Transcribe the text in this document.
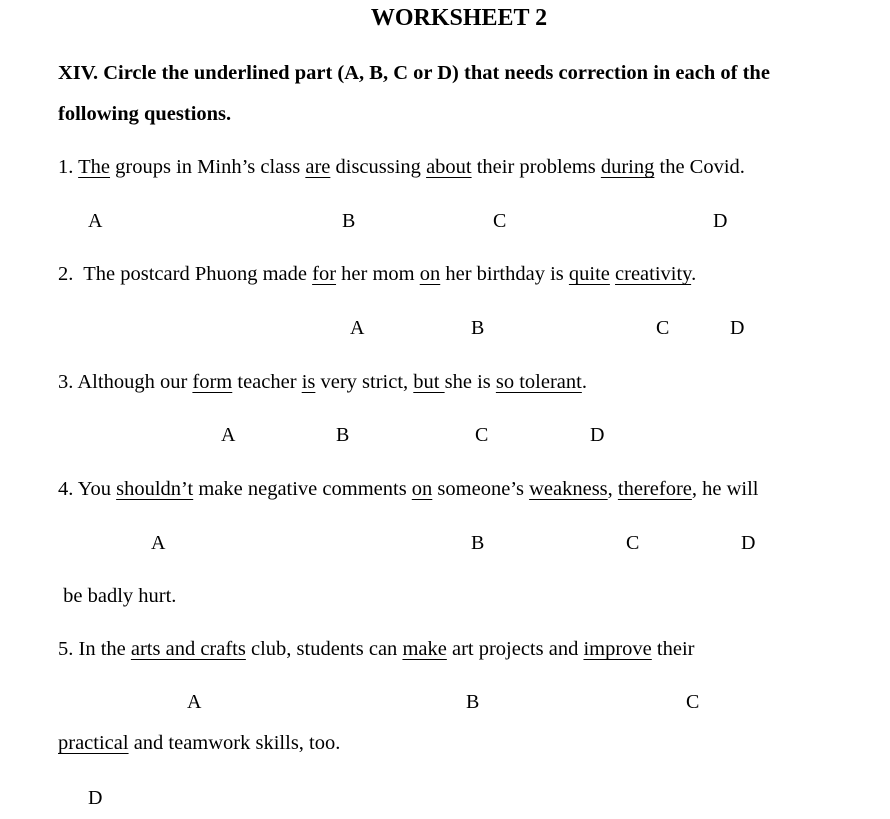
WORKSHEET 2
XIV. Circle the underlined part (A, B, C or D) that needs correction in each of the
following questions.
1. The groups in Minh’s class are discussing about their problems during the Covid.
A	B	C	D
2.  The postcard Phuong made for her mom on her birthday is quite creativity.
A	B	C	D
3. Although our form teacher is very strict, but she is so tolerant.
A	B	C	D
4. You shouldn’t make negative comments on someone’s weakness, therefore, he will
A	B	C	D
be badly hurt.
5. In the arts and crafts club, students can make art projects and improve their
A	B	C
practical and teamwork skills, too.
D
